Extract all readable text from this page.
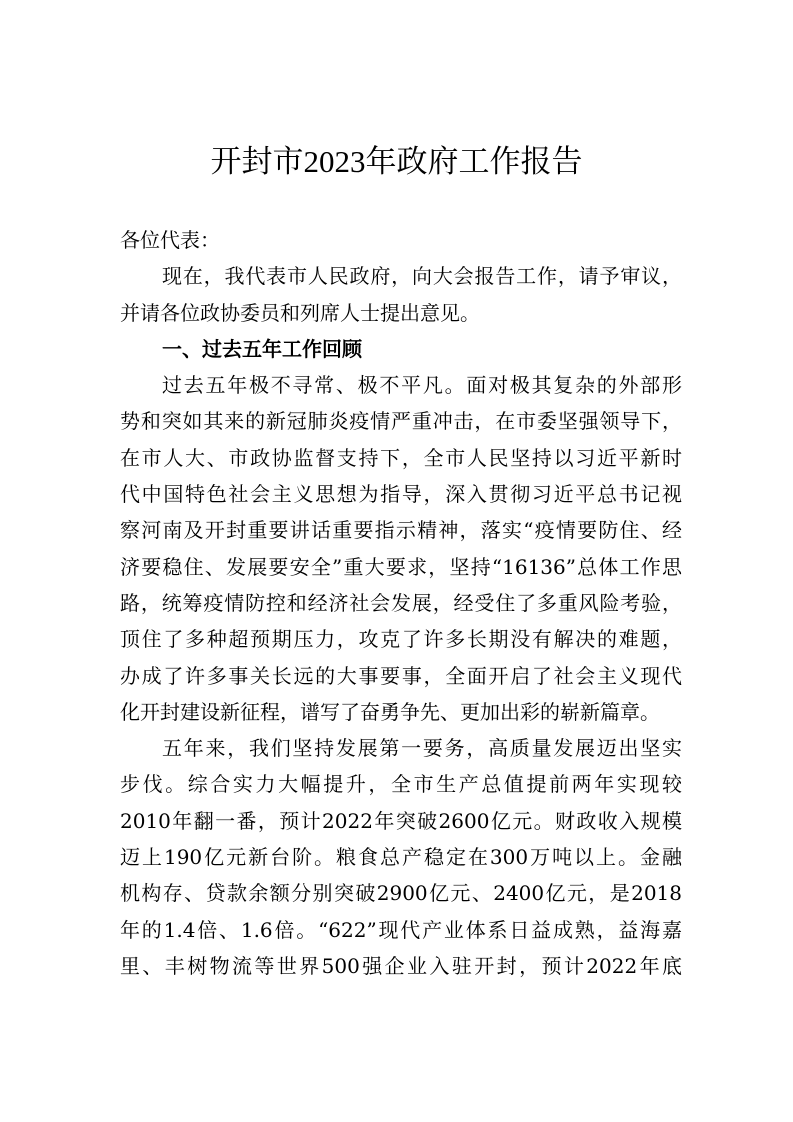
开封市2023年政府工作报告
各位代表：
现在，我代表市人民政府，向大会报告工作，请予审议，
并请各位政协委员和列席人士提出意见。
一、过去五年工作回顾
过去五年极不寻常、极不平凡。面对极其复杂的外部形
势和突如其来的新冠肺炎疫情严重冲击，在市委坚强领导下，
在市人大、市政协监督支持下，全市人民坚持以习近平新时
代中国特色社会主义思想为指导，深入贯彻习近平总书记视
察河南及开封重要讲话重要指示精神，落实“疫情要防住、经
济要稳住、发展要安全”重大要求，坚持“16136”总体工作思
路，统筹疫情防控和经济社会发展，经受住了多重风险考验，
顶住了多种超预期压力，攻克了许多长期没有解决的难题，
办成了许多事关长远的大事要事，全面开启了社会主义现代
化开封建设新征程，谱写了奋勇争先、更加出彩的崭新篇章。
五年来，我们坚持发展第一要务，高质量发展迈出坚实
步伐。综合实力大幅提升，全市生产总值提前两年实现较
2010年翻一番，预计2022年突破2600亿元。财政收入规模
迈上190亿元新台阶。粮食总产稳定在300万吨以上。金融
机构存、贷款余额分别突破2900亿元、2400亿元，是2018
年的1.4倍、1.6倍。“622”现代产业体系日益成熟，益海嘉
里、丰树物流等世界500强企业入驻开封，预计2022年底
